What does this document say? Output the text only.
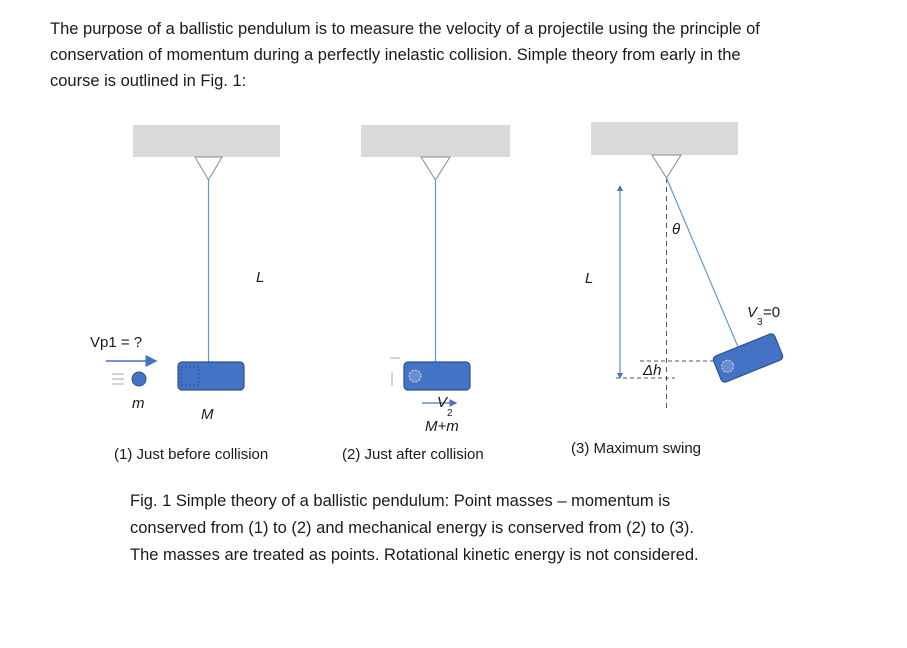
The purpose of a ballistic pendulum is to measure the velocity of a projectile using the principle of
conservation of momentum during a perfectly inelastic collision. Simple theory from early in the
course is outlined in Fig. 1:

L
Vp1 = ?
m
M
(1) Just before collision
V
2
M+m
(2) Just after collision
θ
L
Δh
V
3
=0
(3) Maximum swing

Fig. 1 Simple theory of a ballistic pendulum: Point masses – momentum is
conserved from (1) to (2) and mechanical energy is conserved from (2) to (3).
The masses are treated as points. Rotational kinetic energy is not considered.
